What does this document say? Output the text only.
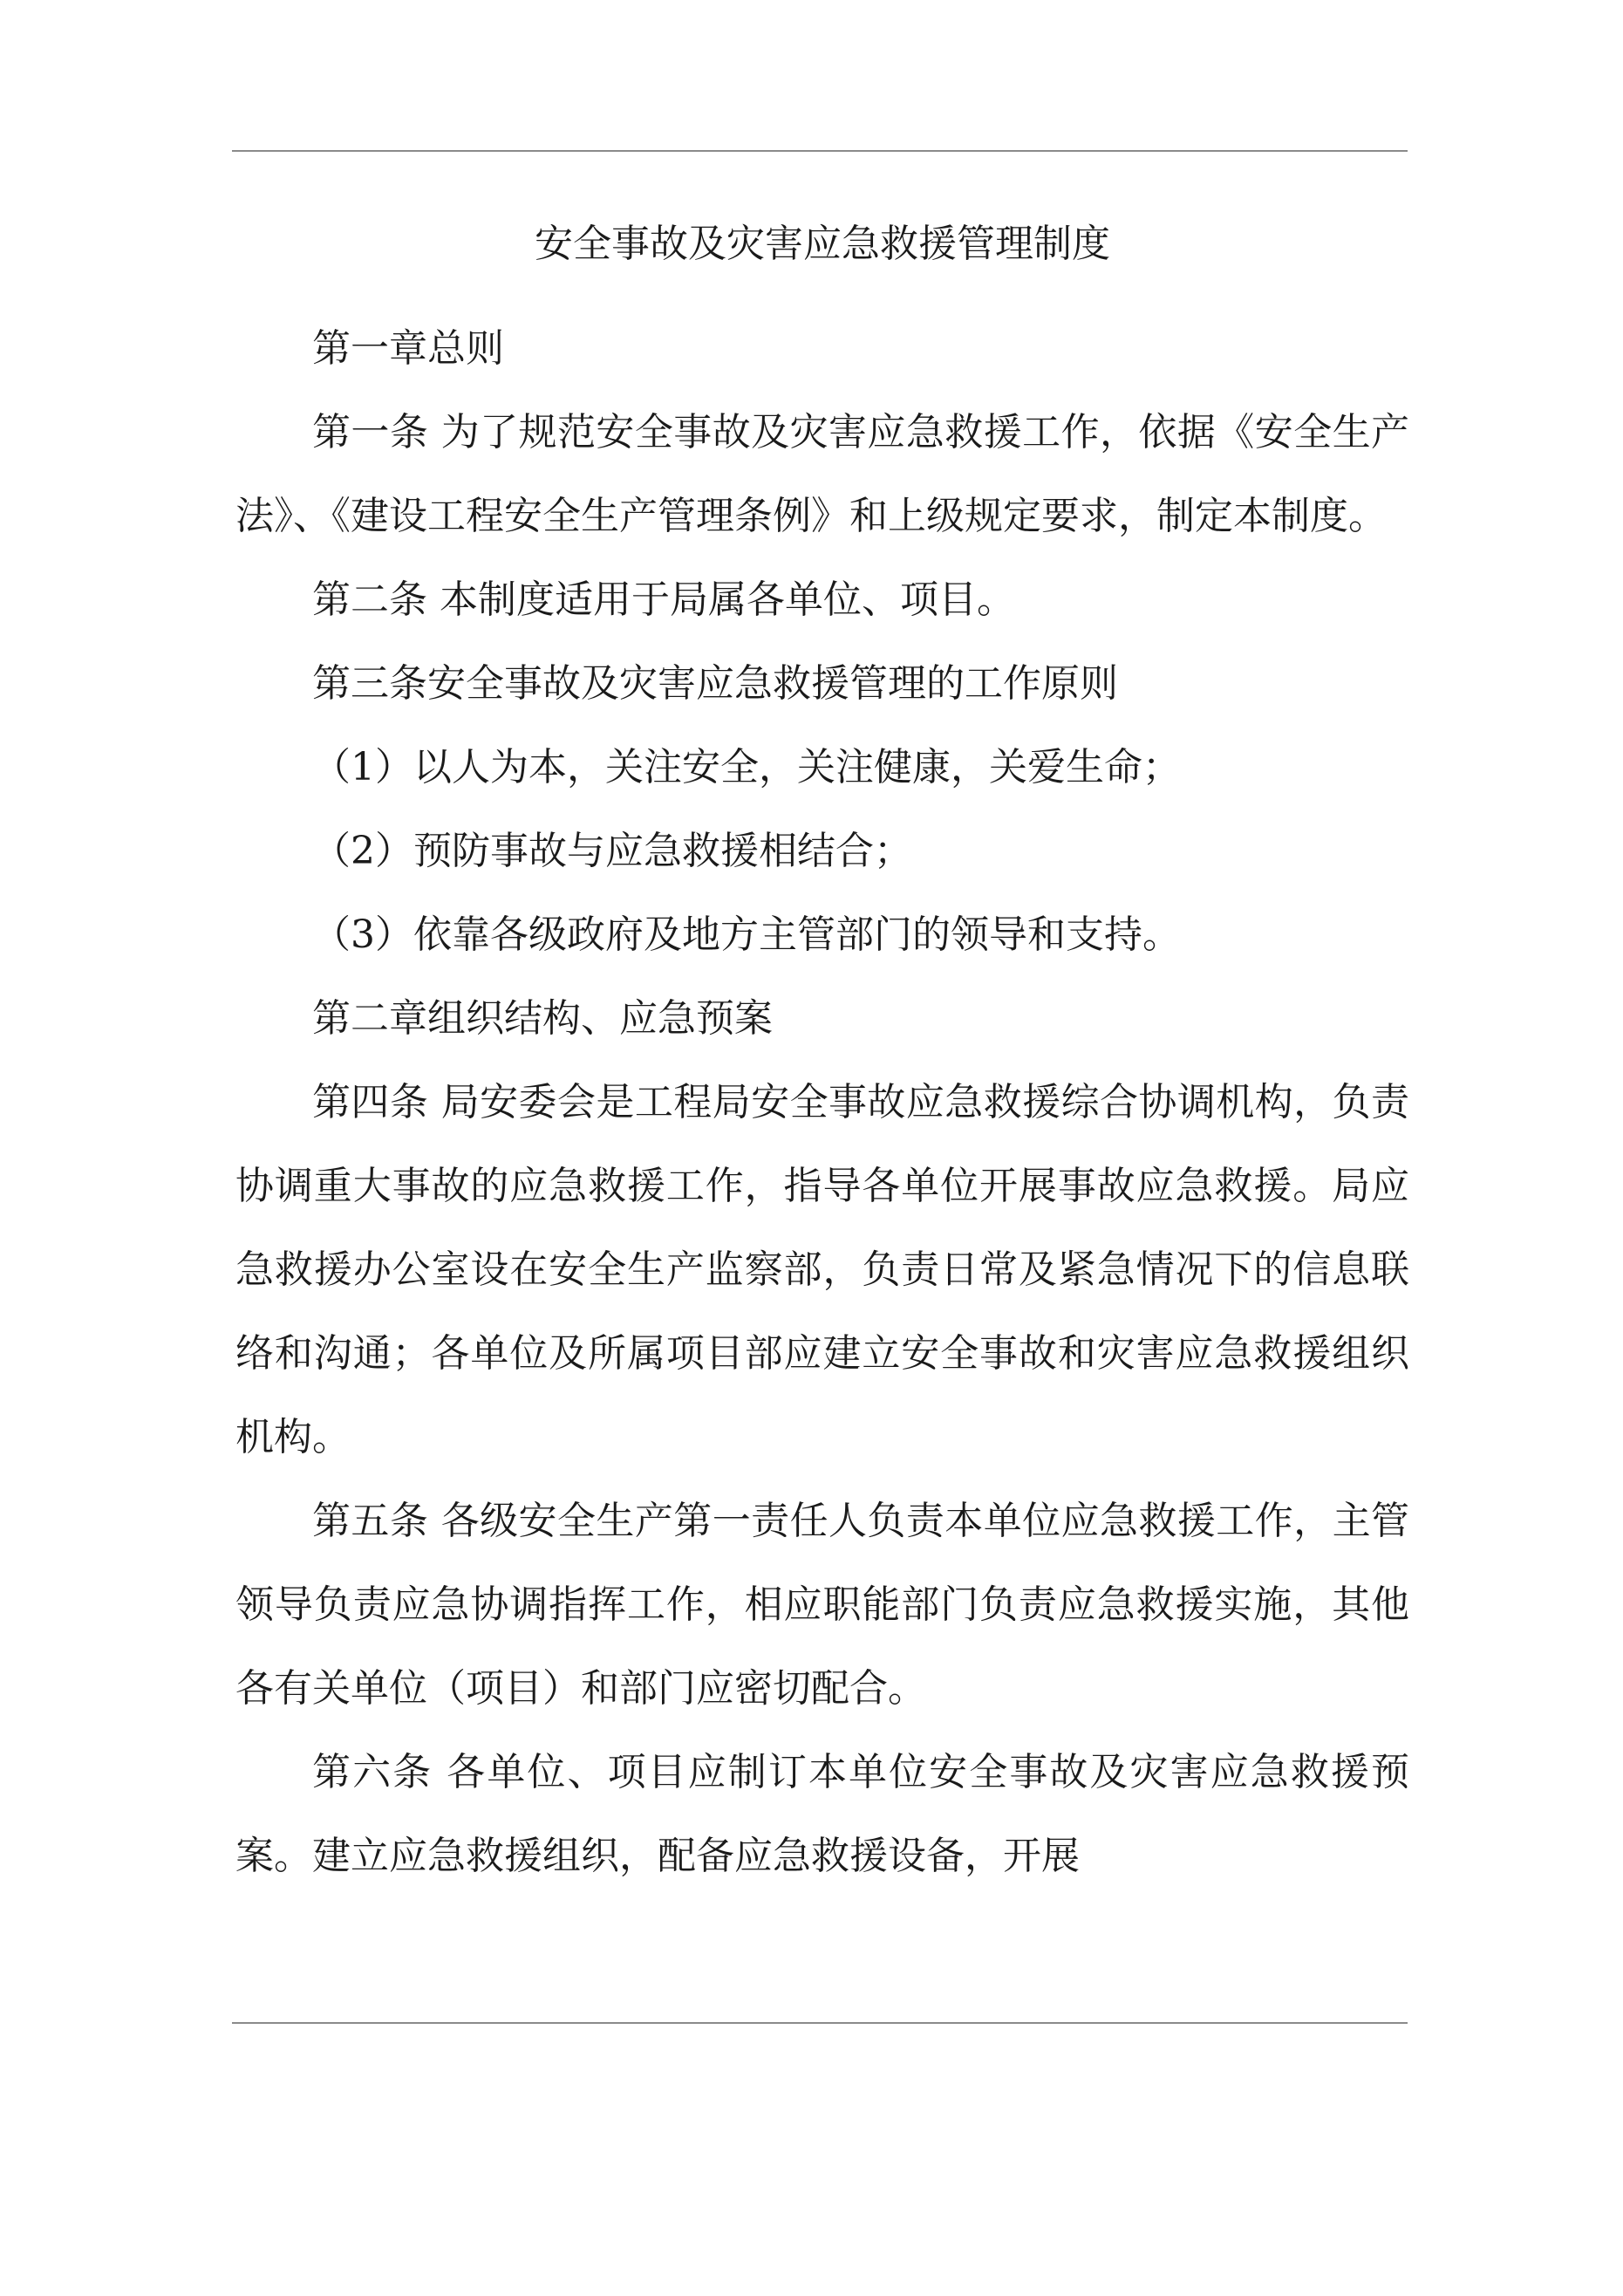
安全事故及灾害应急救援管理制度

第一章总则

第一条 为了规范安全事故及灾害应急救援工作，依据《安全生产法》、《建设工程安全生产管理条例》和上级规定要求，制定本制度。

第二条 本制度适用于局属各单位、项目。

第三条安全事故及灾害应急救援管理的工作原则

（1）以人为本，关注安全，关注健康，关爱生命；

（2）预防事故与应急救援相结合；

（3）依靠各级政府及地方主管部门的领导和支持。

第二章组织结构、应急预案

第四条 局安委会是工程局安全事故应急救援综合协调机构，负责协调重大事故的应急救援工作，指导各单位开展事故应急救援。局应急救援办公室设在安全生产监察部，负责日常及紧急情况下的信息联络和沟通；各单位及所属项目部应建立安全事故和灾害应急救援组织机构。

第五条 各级安全生产第一责任人负责本单位应急救援工作，主管领导负责应急协调指挥工作，相应职能部门负责应急救援实施，其他各有关单位（项目）和部门应密切配合。

第六条 各单位、项目应制订本单位安全事故及灾害应急救援预案。建立应急救援组织，配备应急救援设备，开展
